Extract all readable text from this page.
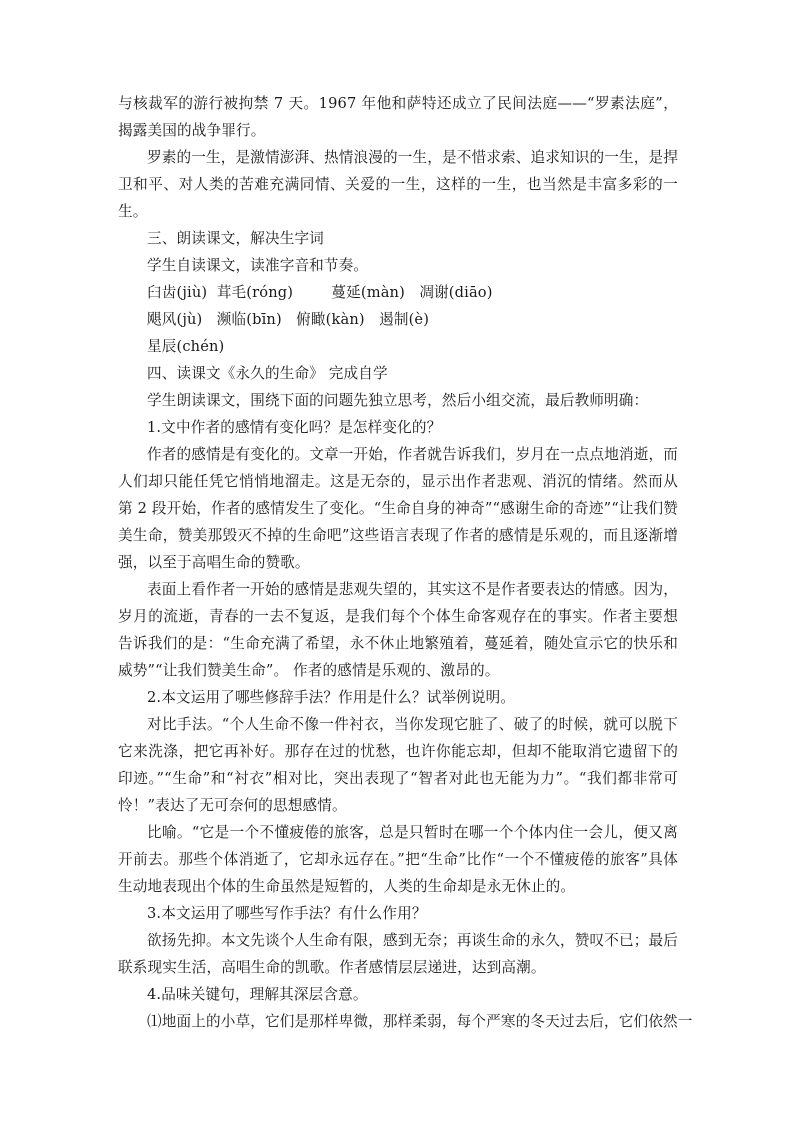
与核裁军的游行被拘禁 7 天。1967 年他和萨特还成立了民间法庭——“罗素法庭”，揭露美国的战争罪行。

罗素的一生，是激情澎湃、热情浪漫的一生，是不惜求索、追求知识的一生，是捍卫和平、对人类的苦难充满同情、关爱的一生，这样的一生，也当然是丰富多彩的一生。

三、朗读课文，解决生字词

学生自读课文，读准字音和节奏。

臼齿(jiù)  茸毛(róng)        蔓延(màn)   凋谢(diāo)

飓风(jù)   濒临(bīn)   俯瞰(kàn)   遏制(è)

星辰(chén)

四、读课文《永久的生命》 完成自学

学生朗读课文，围绕下面的问题先独立思考，然后小组交流，最后教师明确：

1.文中作者的感情有变化吗？是怎样变化的？

作者的感情是有变化的。文章一开始，作者就告诉我们，岁月在一点点地消逝，而人们却只能任凭它悄悄地溜走。这是无奈的，显示出作者悲观、消沉的情绪。然而从第 2 段开始，作者的感情发生了变化。“生命自身的神奇”“感谢生命的奇迹”“让我们赞美生命，赞美那毁灭不掉的生命吧”这些语言表现了作者的感情是乐观的，而且逐渐增强，以至于高唱生命的赞歌。

表面上看作者一开始的感情是悲观失望的，其实这不是作者要表达的情感。因为，岁月的流逝，青春的一去不复返，是我们每个个体生命客观存在的事实。作者主要想告诉我们的是：“生命充满了希望，永不休止地繁殖着，蔓延着，随处宣示它的快乐和威势”“让我们赞美生命”。 作者的感情是乐观的、激昂的。

2.本文运用了哪些修辞手法？作用是什么？试举例说明。

对比手法。“个人生命不像一件衬衣，当你发现它脏了、破了的时候，就可以脱下它来洗涤，把它再补好。那存在过的忧愁，也许你能忘却，但却不能取消它遗留下的印迹。”“生命”和“衬衣”相对比，突出表现了“智者对此也无能为力”。“我们都非常可怜！”表达了无可奈何的思想感情。

比喻。“它是一个不懂疲倦的旅客，总是只暂时在哪一个个体内住一会儿，便又离开前去。那些个体消逝了，它却永远存在。”把“生命”比作“一个不懂疲倦的旅客”具体生动地表现出个体的生命虽然是短暂的，人类的生命却是永无休止的。

3.本文运用了哪些写作手法？有什么作用？

欲扬先抑。本文先谈个人生命有限，感到无奈；再谈生命的永久，赞叹不已；最后联系现实生活，高唱生命的凯歌。作者感情层层递进，达到高潮。

4.品味关键句，理解其深层含意。

⑴地面上的小草，它们是那样卑微，那样柔弱，每个严寒的冬天过去后，它们依然一
